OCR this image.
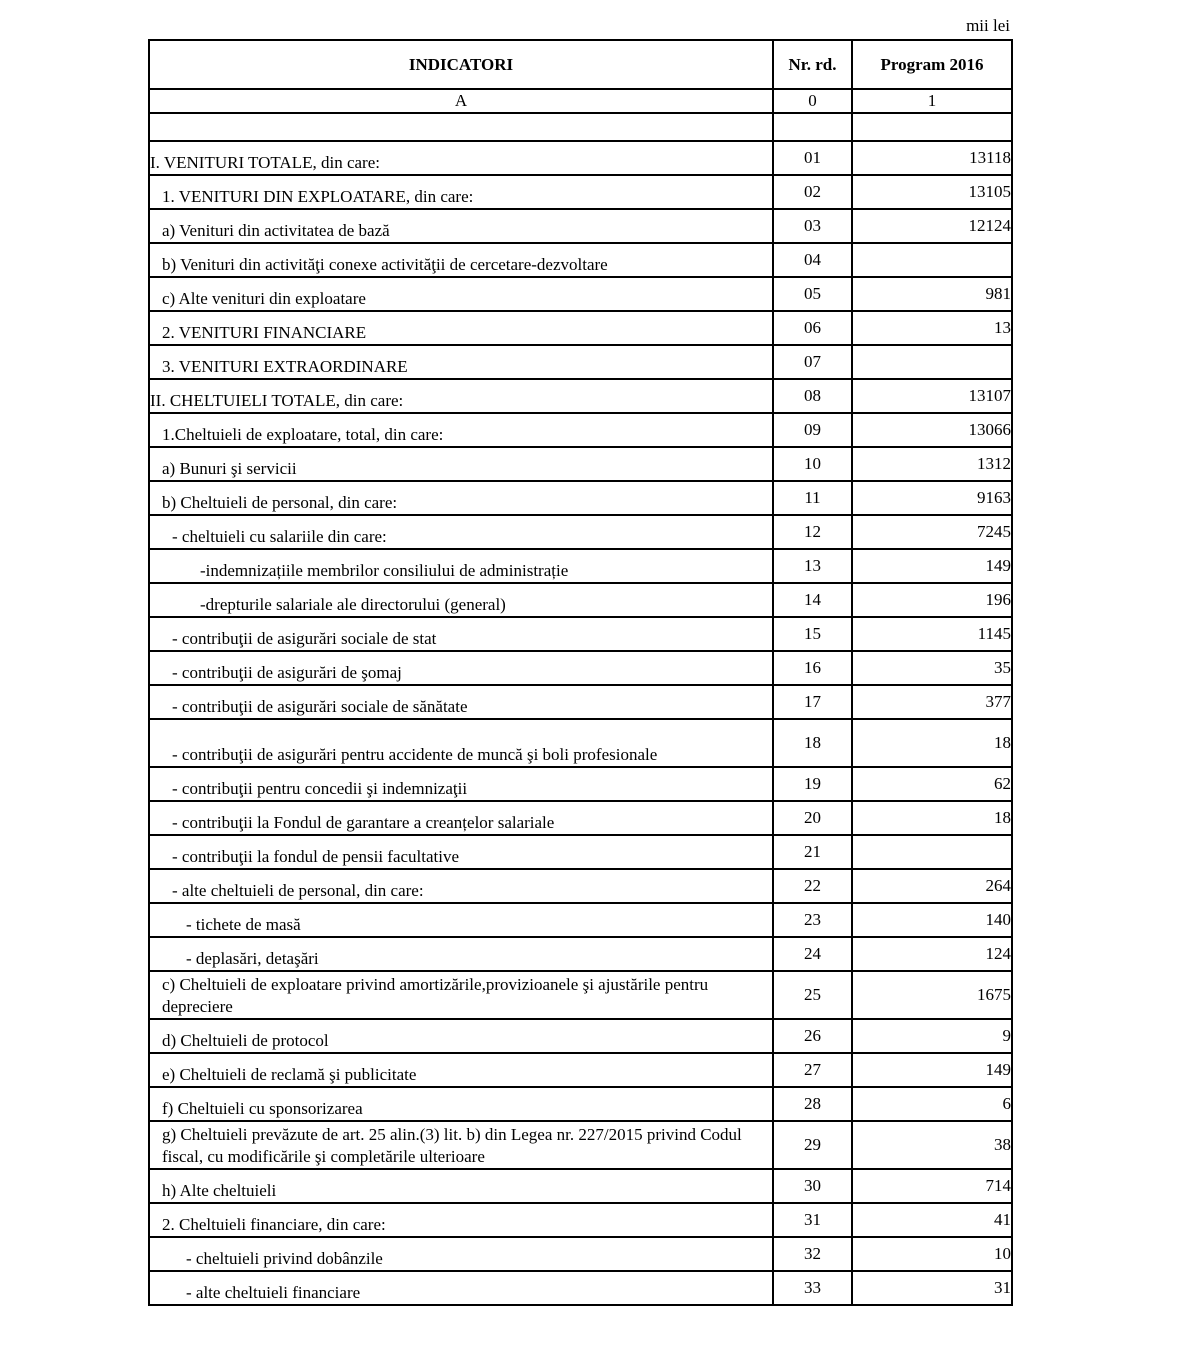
mii lei
INDICATORI	Nr. rd.	Program 2016
A	0	1

I. VENITURI TOTALE, din care:	01	13118
1. VENITURI DIN EXPLOATARE, din care:	02	13105
a) Venituri din activitatea de bază	03	12124
b) Venituri din activităţi conexe activităţii de cercetare-dezvoltare	04	
c) Alte venituri din exploatare	05	981
2. VENITURI FINANCIARE	06	13
3. VENITURI EXTRAORDINARE	07	
II. CHELTUIELI TOTALE, din care:	08	13107
1.Cheltuieli de exploatare, total, din care:	09	13066
a) Bunuri şi servicii	10	1312
b) Cheltuieli de personal, din care:	11	9163
- cheltuieli cu salariile din care:	12	7245
-indemnizațiile membrilor consiliului de administrație	13	149
-drepturile salariale ale directorului (general)	14	196
- contribuţii de asigurări sociale de stat	15	1145
- contribuţii de asigurări de şomaj	16	35
- contribuţii de asigurări sociale de sănătate	17	377
- contribuţii de asigurări pentru accidente de muncă şi boli profesionale	18	18
- contribuţii pentru concedii şi indemnizaţii	19	62
- contribuţii la Fondul de garantare a creanțelor salariale	20	18
- contribuţii la fondul de pensii facultative	21	
- alte cheltuieli de personal, din care:	22	264
- tichete de masă	23	140
- deplasări, detaşări	24	124
c) Cheltuieli de exploatare privind amortizările,provizioanele şi ajustările pentru depreciere	25	1675
d) Cheltuieli de protocol	26	9
e) Cheltuieli de reclamă şi publicitate	27	149
f) Cheltuieli cu sponsorizarea	28	6
g) Cheltuieli prevăzute de art. 25 alin.(3) lit. b) din Legea nr. 227/2015 privind Codul fiscal, cu modificările şi completările ulterioare	29	38
h) Alte cheltuieli	30	714
2. Cheltuieli financiare, din care:	31	41
- cheltuieli privind dobânzile	32	10
- alte cheltuieli financiare	33	31
